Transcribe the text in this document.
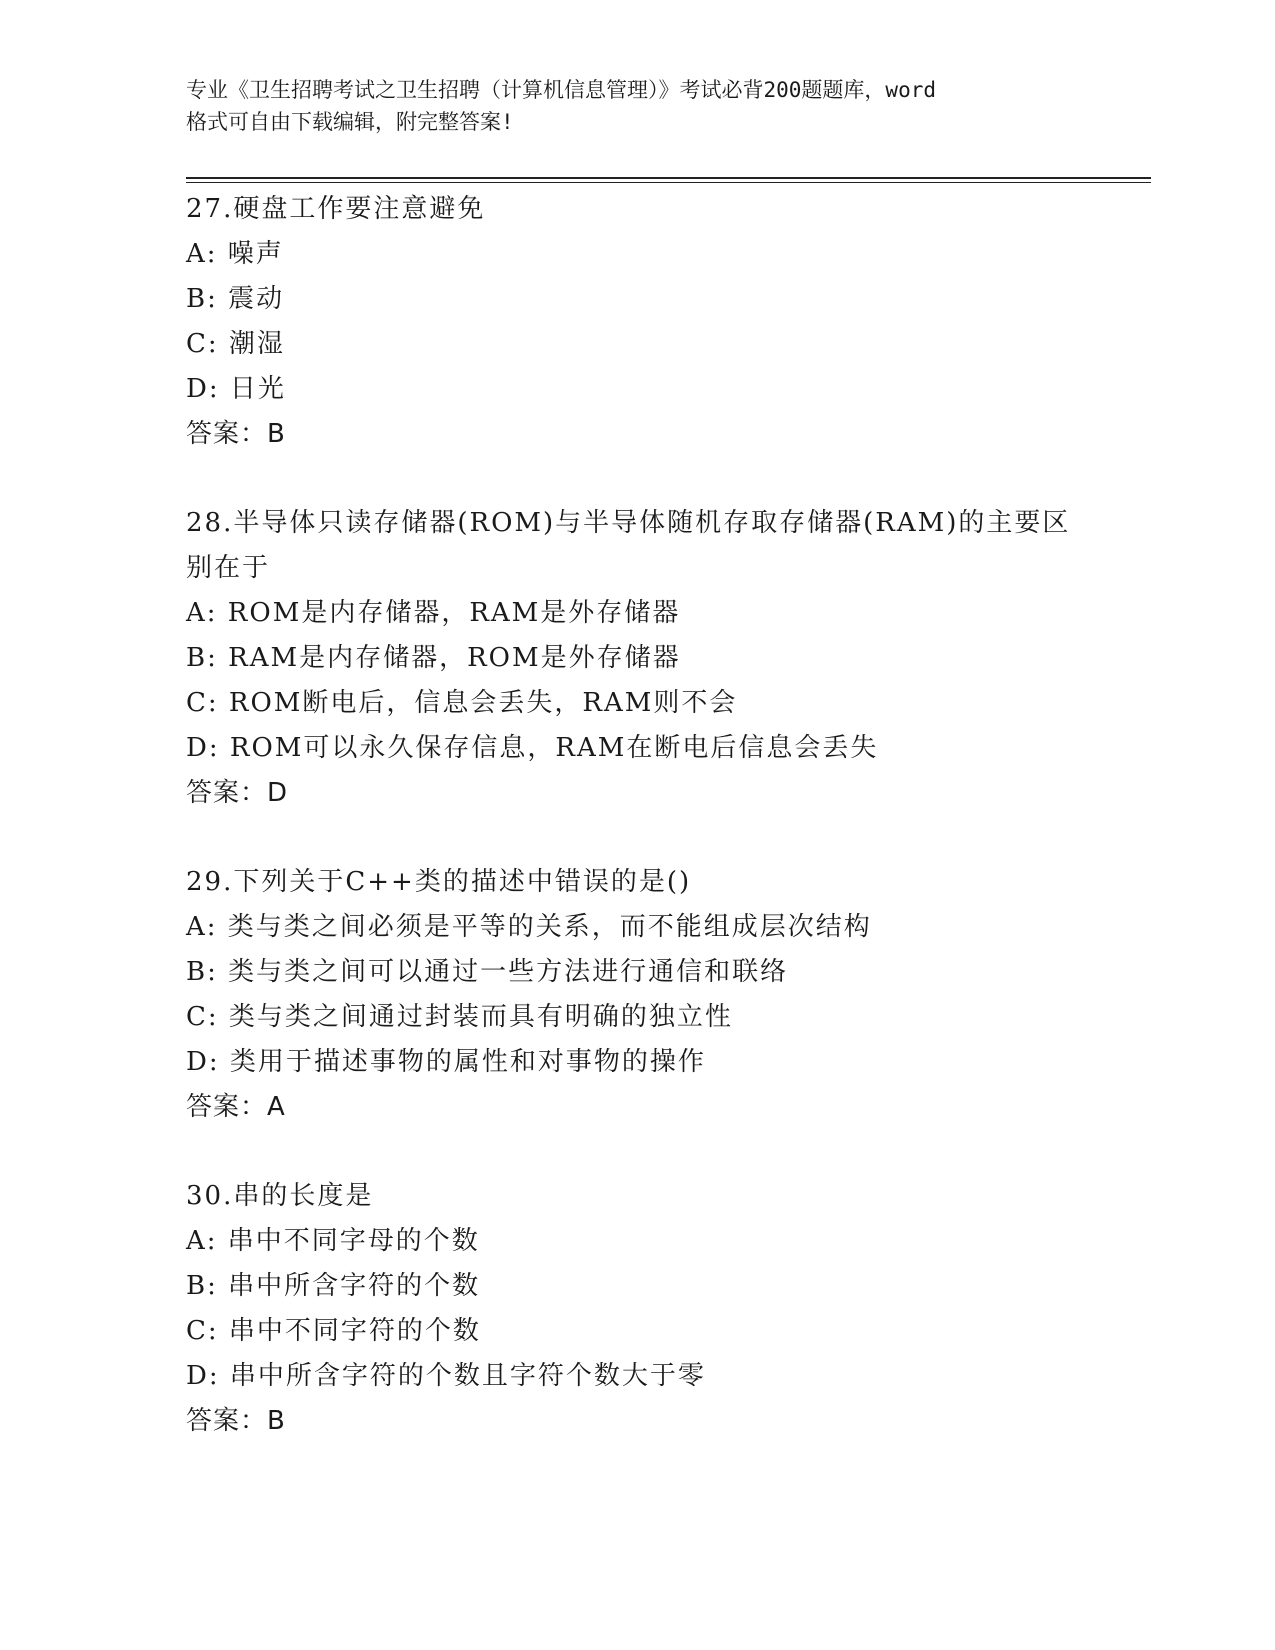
专业《卫生招聘考试之卫生招聘（计算机信息管理）》考试必背200题题库，word
格式可自由下载编辑，附完整答案!
27.硬盘工作要注意避免
A: 噪声
B: 震动
C: 潮湿
D: 日光
答案：B
28.半导体只读存储器(ROM)与半导体随机存取存储器(RAM)的主要区别在于
A: ROM是内存储器，RAM是外存储器
B: RAM是内存储器，ROM是外存储器
C: ROM断电后，信息会丢失，RAM则不会
D: ROM可以永久保存信息，RAM在断电后信息会丢失
答案：D
29.下列关于C++类的描述中错误的是()
A: 类与类之间必须是平等的关系，而不能组成层次结构
B: 类与类之间可以通过一些方法进行通信和联络
C: 类与类之间通过封装而具有明确的独立性
D: 类用于描述事物的属性和对事物的操作
答案：A
30.串的长度是
A: 串中不同字母的个数
B: 串中所含字符的个数
C: 串中不同字符的个数
D: 串中所含字符的个数且字符个数大于零
答案：B
